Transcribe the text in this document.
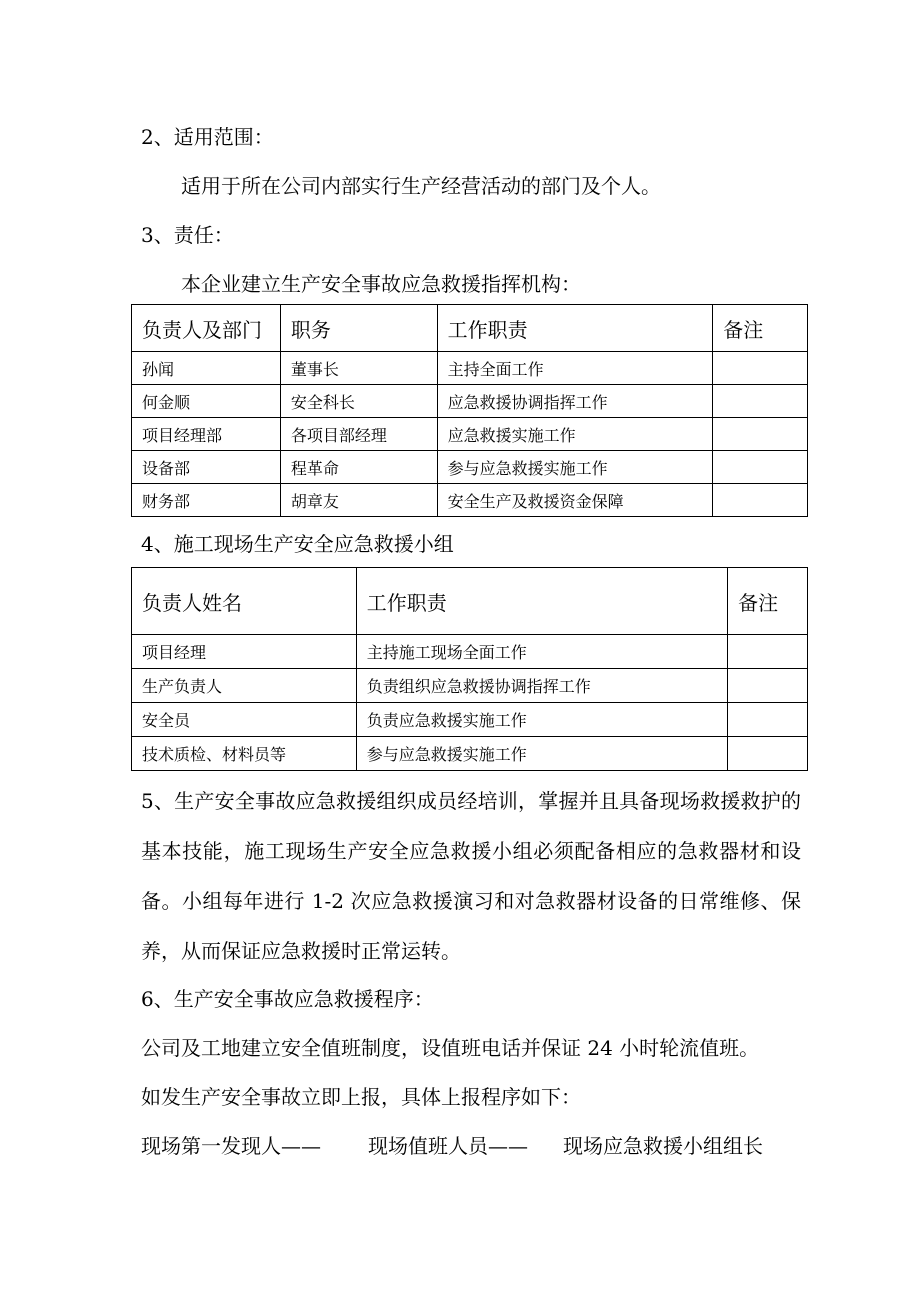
2、适用范围：
适用于所在公司内部实行生产经营活动的部门及个人。
3、责任：
本企业建立生产安全事故应急救援指挥机构：
负责人及部门	职务	工作职责	备注
孙闻	董事长	主持全面工作	
何金顺	安全科长	应急救援协调指挥工作	
项目经理部	各项目部经理	应急救援实施工作	
设备部	程革命	参与应急救援实施工作	
财务部	胡章友	安全生产及救援资金保障	
4、施工现场生产安全应急救援小组
负责人姓名	工作职责	备注
项目经理	主持施工现场全面工作	
生产负责人	负责组织应急救援协调指挥工作	
安全员	负责应急救援实施工作	
技术质检、材料员等	参与应急救援实施工作	
5、生产安全事故应急救援组织成员经培训，掌握并且具备现场救援救护的基本技能，施工现场生产安全应急救援小组必须配备相应的急救器材和设备。小组每年进行 1-2 次应急救援演习和对急救器材设备的日常维修、保养，从而保证应急救援时正常运转。
6、生产安全事故应急救援程序：
公司及工地建立安全值班制度，设值班电话并保证 24 小时轮流值班。
如发生产安全事故立即上报，具体上报程序如下：
现场第一发现人—— 现场值班人员—— 现场应急救援小组组长
